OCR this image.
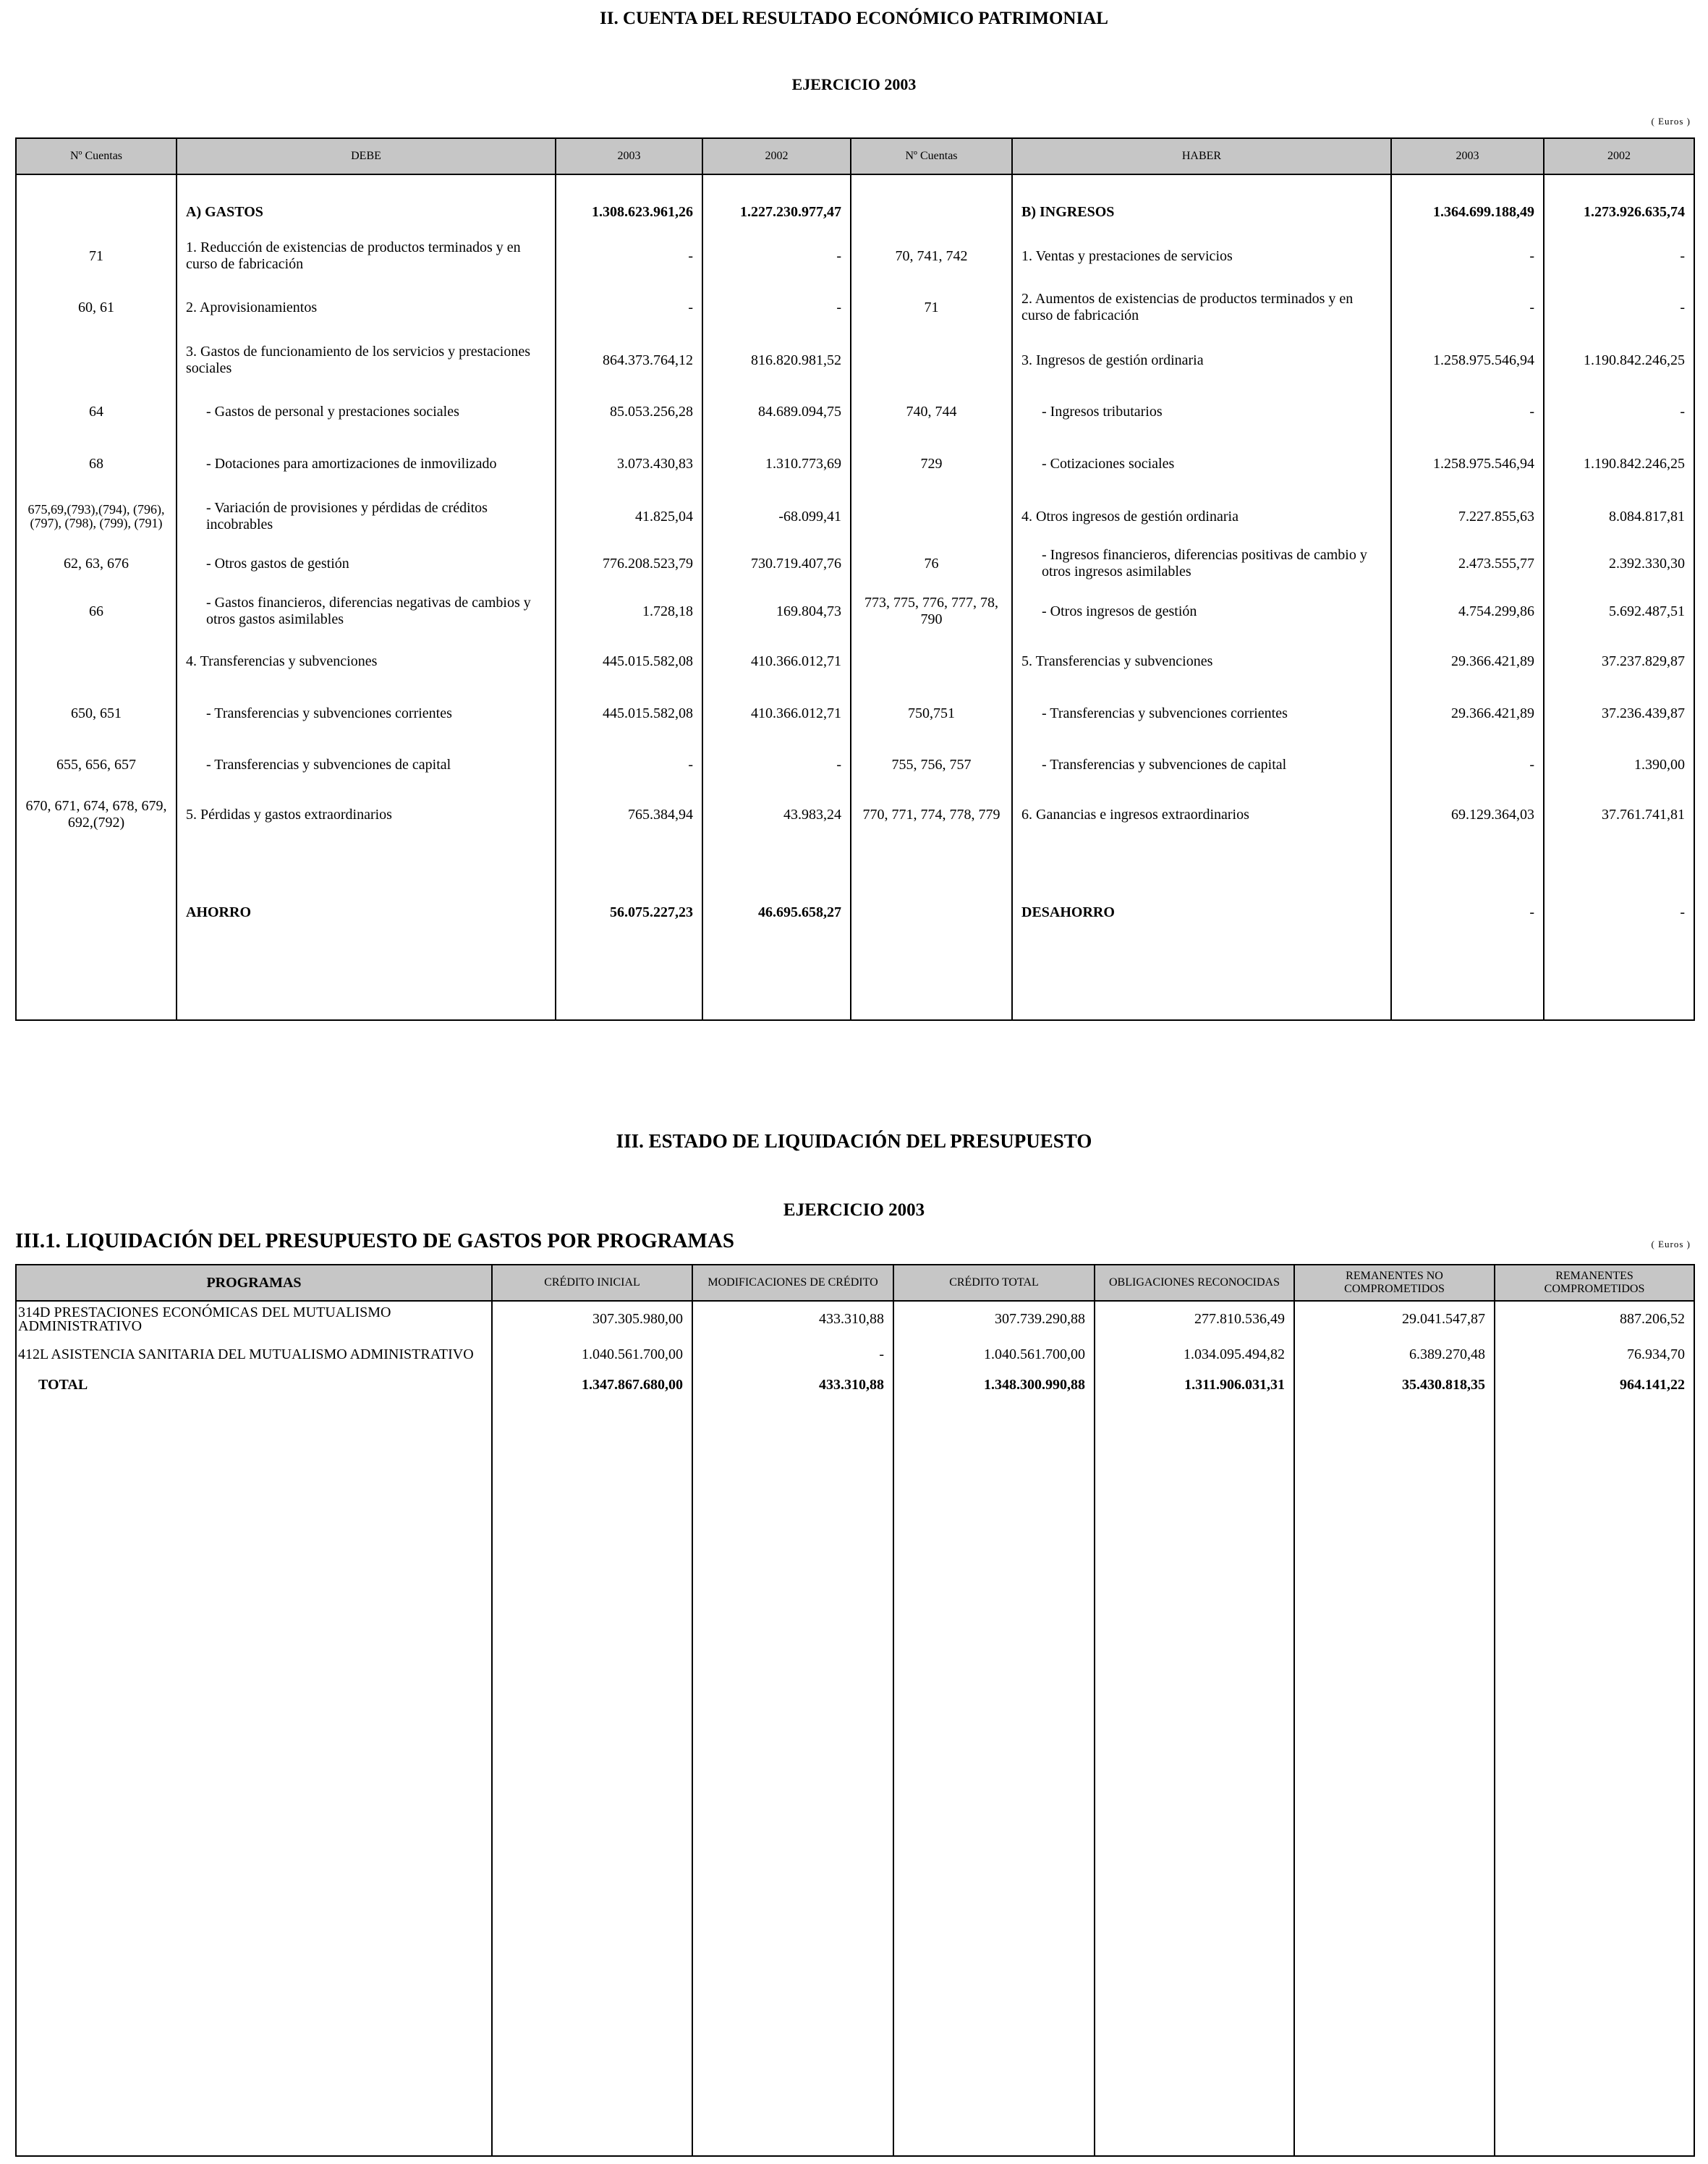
II. CUENTA DEL RESULTADO ECONÓMICO PATRIMONIAL
EJERCICIO 2003
( Euros )
Nº Cuentas	DEBE	2003	2002	Nº Cuentas	HABER	2003	2002

	A) GASTOS	1.308.623.961,26	1.227.230.977,47		B) INGRESOS	1.364.699.188,49	1.273.926.635,74
71	1. Reducción de existencias de productos terminados y en curso de fabricación	-	-	70, 741, 742	1. Ventas y prestaciones de servicios	-	-
60, 61	2. Aprovisionamientos	-	-	71	2. Aumentos de existencias de productos terminados y en curso de fabricación	-	-
	3. Gastos de funcionamiento de los servicios y prestaciones sociales	864.373.764,12	816.820.981,52		3. Ingresos de gestión ordinaria	1.258.975.546,94	1.190.842.246,25
64	- Gastos de personal y prestaciones sociales	85.053.256,28	84.689.094,75	740, 744	- Ingresos tributarios	-	-
68	- Dotaciones para amortizaciones de inmovilizado	3.073.430,83	1.310.773,69	729	- Cotizaciones sociales	1.258.975.546,94	1.190.842.246,25
675,69,(793),(794), (796), (797), (798), (799), (791)	- Variación de provisiones y pérdidas de créditos incobrables	41.825,04	-68.099,41		4. Otros ingresos de gestión ordinaria	7.227.855,63	8.084.817,81
62, 63, 676	- Otros gastos de gestión	776.208.523,79	730.719.407,76	76	- Ingresos financieros, diferencias positivas de cambio y otros ingresos asimilables	2.473.555,77	2.392.330,30
66	- Gastos financieros, diferencias negativas de cambios y otros gastos asimilables	1.728,18	169.804,73	773, 775, 776, 777, 78, 790	- Otros ingresos de gestión	4.754.299,86	5.692.487,51
	4. Transferencias y subvenciones	445.015.582,08	410.366.012,71		5. Transferencias y subvenciones	29.366.421,89	37.237.829,87
650, 651	- Transferencias y subvenciones corrientes	445.015.582,08	410.366.012,71	750,751	- Transferencias y subvenciones corrientes	29.366.421,89	37.236.439,87
655, 656, 657	- Transferencias y subvenciones de capital	-	-	755, 756, 757	- Transferencias y subvenciones de capital	-	1.390,00
670, 671, 674, 678, 679, 692,(792)	5. Pérdidas y gastos extraordinarios	765.384,94	43.983,24	770, 771, 774, 778, 779	6. Ganancias e ingresos extraordinarios	69.129.364,03	37.761.741,81

	AHORRO	56.075.227,23	46.695.658,27		DESAHORRO	-	-

III. ESTADO DE LIQUIDACIÓN DEL PRESUPUESTO
EJERCICIO 2003
III.1. LIQUIDACIÓN DEL PRESUPUESTO DE GASTOS POR PROGRAMAS	( Euros )
PROGRAMAS	CRÉDITO INICIAL	MODIFICACIONES DE CRÉDITO	CRÉDITO TOTAL	OBLIGACIONES RECONOCIDAS	REMANENTES NO COMPROMETIDOS	REMANENTES COMPROMETIDOS
314D PRESTACIONES ECONÓMICAS DEL MUTUALISMO ADMINISTRATIVO	307.305.980,00	433.310,88	307.739.290,88	277.810.536,49	29.041.547,87	887.206,52
412L ASISTENCIA SANITARIA DEL MUTUALISMO ADMINISTRATIVO	1.040.561.700,00	-	1.040.561.700,00	1.034.095.494,82	6.389.270,48	76.934,70
TOTAL	1.347.867.680,00	433.310,88	1.348.300.990,88	1.311.906.031,31	35.430.818,35	964.141,22
